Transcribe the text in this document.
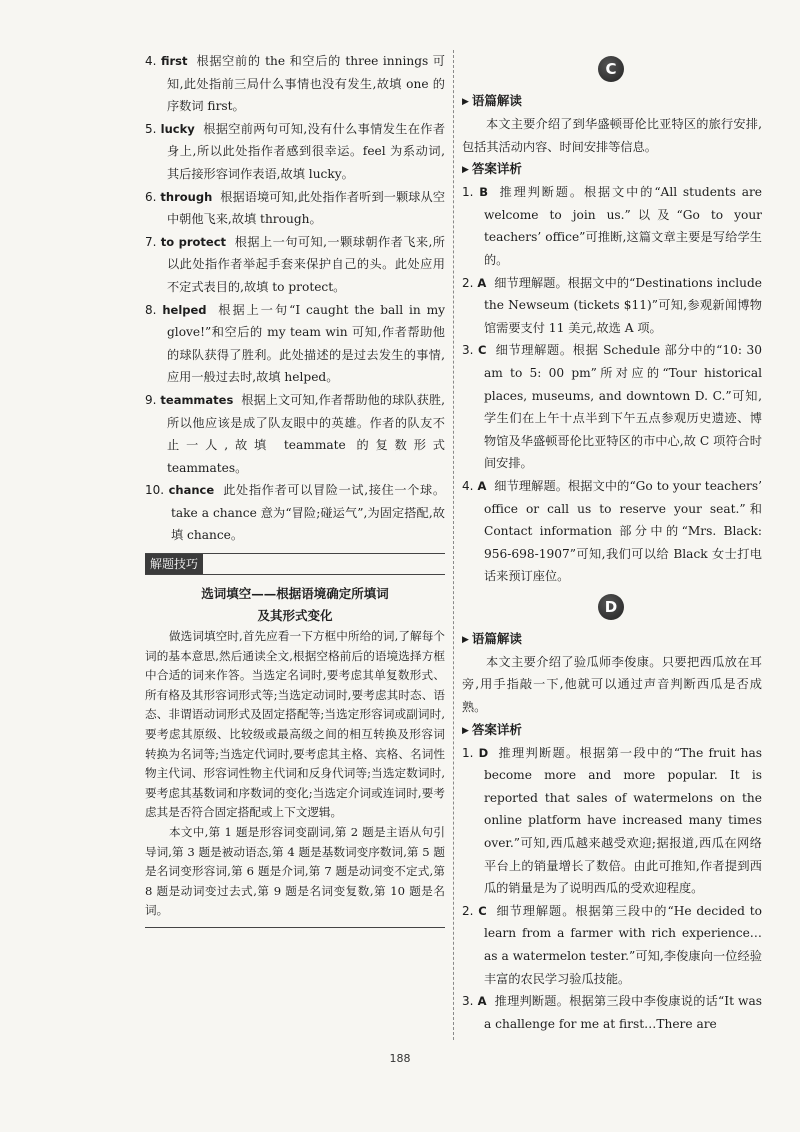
4. first 根据空前的 the 和空后的 three innings 可知,此处指前三局什么事情也没有发生,故填 one 的序数词 first。

5. lucky 根据空前两句可知,没有什么事情发生在作者身上,所以此处指作者感到很幸运。feel 为系动词,其后接形容词作表语,故填 lucky。

6. through 根据语境可知,此处指作者听到一颗球从空中朝他飞来,故填 through。

7. to protect 根据上一句可知,一颗球朝作者飞来,所以此处指作者举起手套来保护自己的头。此处应用不定式表目的,故填 to protect。

8. helped 根据上一句“I caught the ball in my glove!”和空后的 my team win 可知,作者帮助他的球队获得了胜利。此处描述的是过去发生的事情,应用一般过去时,故填 helped。

9. teammates 根据上文可知,作者帮助他的球队获胜,所以他应该是成了队友眼中的英雄。作者的队友不止一人,故填 teammate 的复数形式 teammates。

10. chance 此处指作者可以冒险一试,接住一个球。take a chance 意为“冒险;碰运气”,为固定搭配,故填 chance。

解题技巧
选词填空——根据语境确定所填词
及其形式变化

做选词填空时,首先应看一下方框中所给的词,了解每个词的基本意思,然后通读全文,根据空格前后的语境选择方框中合适的词来作答。当选定名词时,要考虑其单复数形式、所有格及其形容词形式等;当选定动词时,要考虑其时态、语态、非谓语动词形式及固定搭配等;当选定形容词或副词时,要考虑其原级、比较级或最高级之间的相互转换及形容词转换为名词等;当选定代词时,要考虑其主格、宾格、名词性物主代词、形容词性物主代词和反身代词等;当选定数词时,要考虑其基数词和序数词的变化;当选定介词或连词时,要考虑其是否符合固定搭配或上下文逻辑。

本文中,第 1 题是形容词变副词,第 2 题是主语从句引导词,第 3 题是被动语态,第 4 题是基数词变序数词,第 5 题是名词变形容词,第 6 题是介词,第 7 题是动词变不定式,第 8 题是动词变过去式,第 9 题是名词变复数,第 10 题是名词。

C

▶ 语篇解读

本文主要介绍了到华盛顿哥伦比亚特区的旅行安排,包括其活动内容、时间安排等信息。

▶ 答案详析

1. B 推理判断题。根据文中的“All students are welcome to join us.”以及“Go to your teachers’ office”可推断,这篇文章主要是写给学生的。

2. A 细节理解题。根据文中的“Destinations include the Newseum (tickets $11)”可知,参观新闻博物馆需要支付 11 美元,故选 A 项。

3. C 细节理解题。根据 Schedule 部分中的“10: 30 am to 5: 00 pm”所对应的“Tour historical places, museums, and downtown D. C.”可知,学生们在上午十点半到下午五点参观历史遗迹、博物馆及华盛顿哥伦比亚特区的市中心,故 C 项符合时间安排。

4. A 细节理解题。根据文中的“Go to your teachers’ office or call us to reserve your seat.”和 Contact information 部分中的“Mrs. Black: 956-698-1907”可知,我们可以给 Black 女士打电话来预订座位。

D

▶ 语篇解读

本文主要介绍了验瓜师李俊康。只要把西瓜放在耳旁,用手指敲一下,他就可以通过声音判断西瓜是否成熟。

▶ 答案详析

1. D 推理判断题。根据第一段中的“The fruit has become more and more popular. It is reported that sales of watermelons on the online platform have increased many times over.”可知,西瓜越来越受欢迎;据报道,西瓜在网络平台上的销量增长了数倍。由此可推知,作者提到西瓜的销量是为了说明西瓜的受欢迎程度。

2. C 细节理解题。根据第三段中的“He decided to learn from a farmer with rich experience…as a watermelon tester.”可知,李俊康向一位经验丰富的农民学习验瓜技能。

3. A 推理判断题。根据第三段中李俊康说的话“It was a challenge for me at first…There are

188
